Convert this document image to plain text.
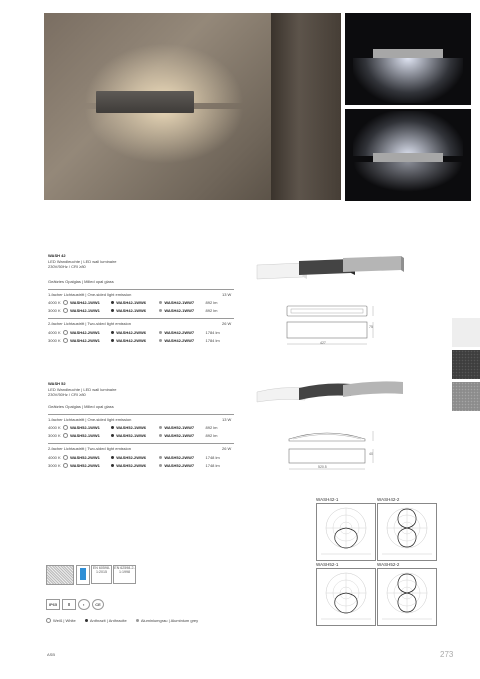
WASH 42
LED Wandleuchte | LED wall luminaire
230V/50Hz / CRI ≥80
Geätztes Opalglas | Milled opal glass
1-facher Lichtaustritt | One-sided light emission	13 W
4000 K WASH42-1WW1	WASH42-1WW6	WASH42-1WW7	892 lm
3000 K WASH42-1WW1	WASH42-1WW6	WASH42-1WW7	892 lm
2-facher Lichtaustritt | Two-sided light emission	26 W
4000 K WASH42-2WW1	WASH42-2WW6	WASH42-2WW7	1784 lm
3000 K WASH42-2WW1	WASH42-2WW6	WASH42-2WW7	1784 lm	427
75
WASH 52
LED Wandleuchte | LED wall luminaire
230V/50Hz / CRI ≥80
Geätztes Opalglas | Milled opal glass
1-facher Lichtaustritt | One-sided light emission	13 W
4000 K WASH52-1WW1	WASH52-1WW6	WASH52-1WW7	892 lm
3000 K WASH52-1WW1	WASH52-1WW6	WASH52-1WW7	892 lm
2-facher Lichtaustritt | Two-sided light emission	26 W
4000 K WASH52-2WW1	WASH52-2WW6	WASH52-2WW7	1748 lm
3000 K WASH52-2WW1	WASH52-2WW6	WASH52-2WW7	1748 lm	520.5
40
WASH42-1	WASH42-2
WASH52-1	WASH52-2
EN 60598-1:2015
EN 62598-2-1:1998
IP65	Ⅲ	◐	CE
Weiß | White	Anthrazit | Anthracite	Aluminiumgrau | Aluminium grey
ASB	273
